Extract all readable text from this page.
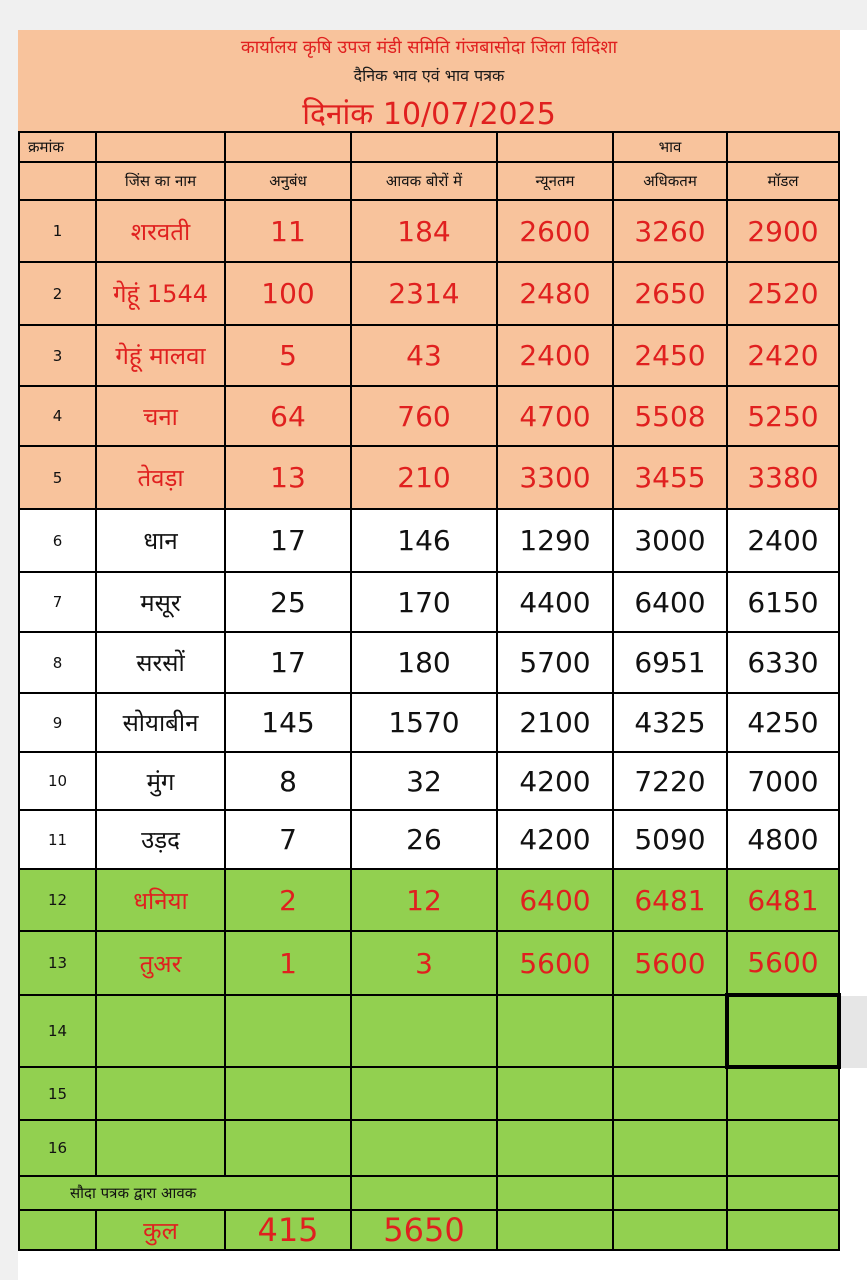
कार्यालय कृषि उपज मंडी समिति गंजबासोदा जिला विदिशा
दैनिक भाव एवं भाव पत्रक
दिनांक 10/07/2025
क्रमांक					भाव	
	जिंस का नाम	अनुबंध	आवक बोरों में	न्यूनतम	अधिकतम	मॉडल
1	शरवती	11	184	2600	3260	2900
2	गेहूं 1544	100	2314	2480	2650	2520
3	गेहूं मालवा	5	43	2400	2450	2420
4	चना	64	760	4700	5508	5250
5	तेवड़ा	13	210	3300	3455	3380
6	धान	17	146	1290	3000	2400
7	मसूर	25	170	4400	6400	6150
8	सरसों	17	180	5700	6951	6330
9	सोयाबीन	145	1570	2100	4325	4250
10	मुंग	8	32	4200	7220	7000
11	उड़द	7	26	4200	5090	4800
12	धनिया	2	12	6400	6481	6481
13	तुअर	1	3	5600	5600	5600
14						
15						
16						
सौदा पत्रक द्वारा आवक						
	कुल	415	5650			
